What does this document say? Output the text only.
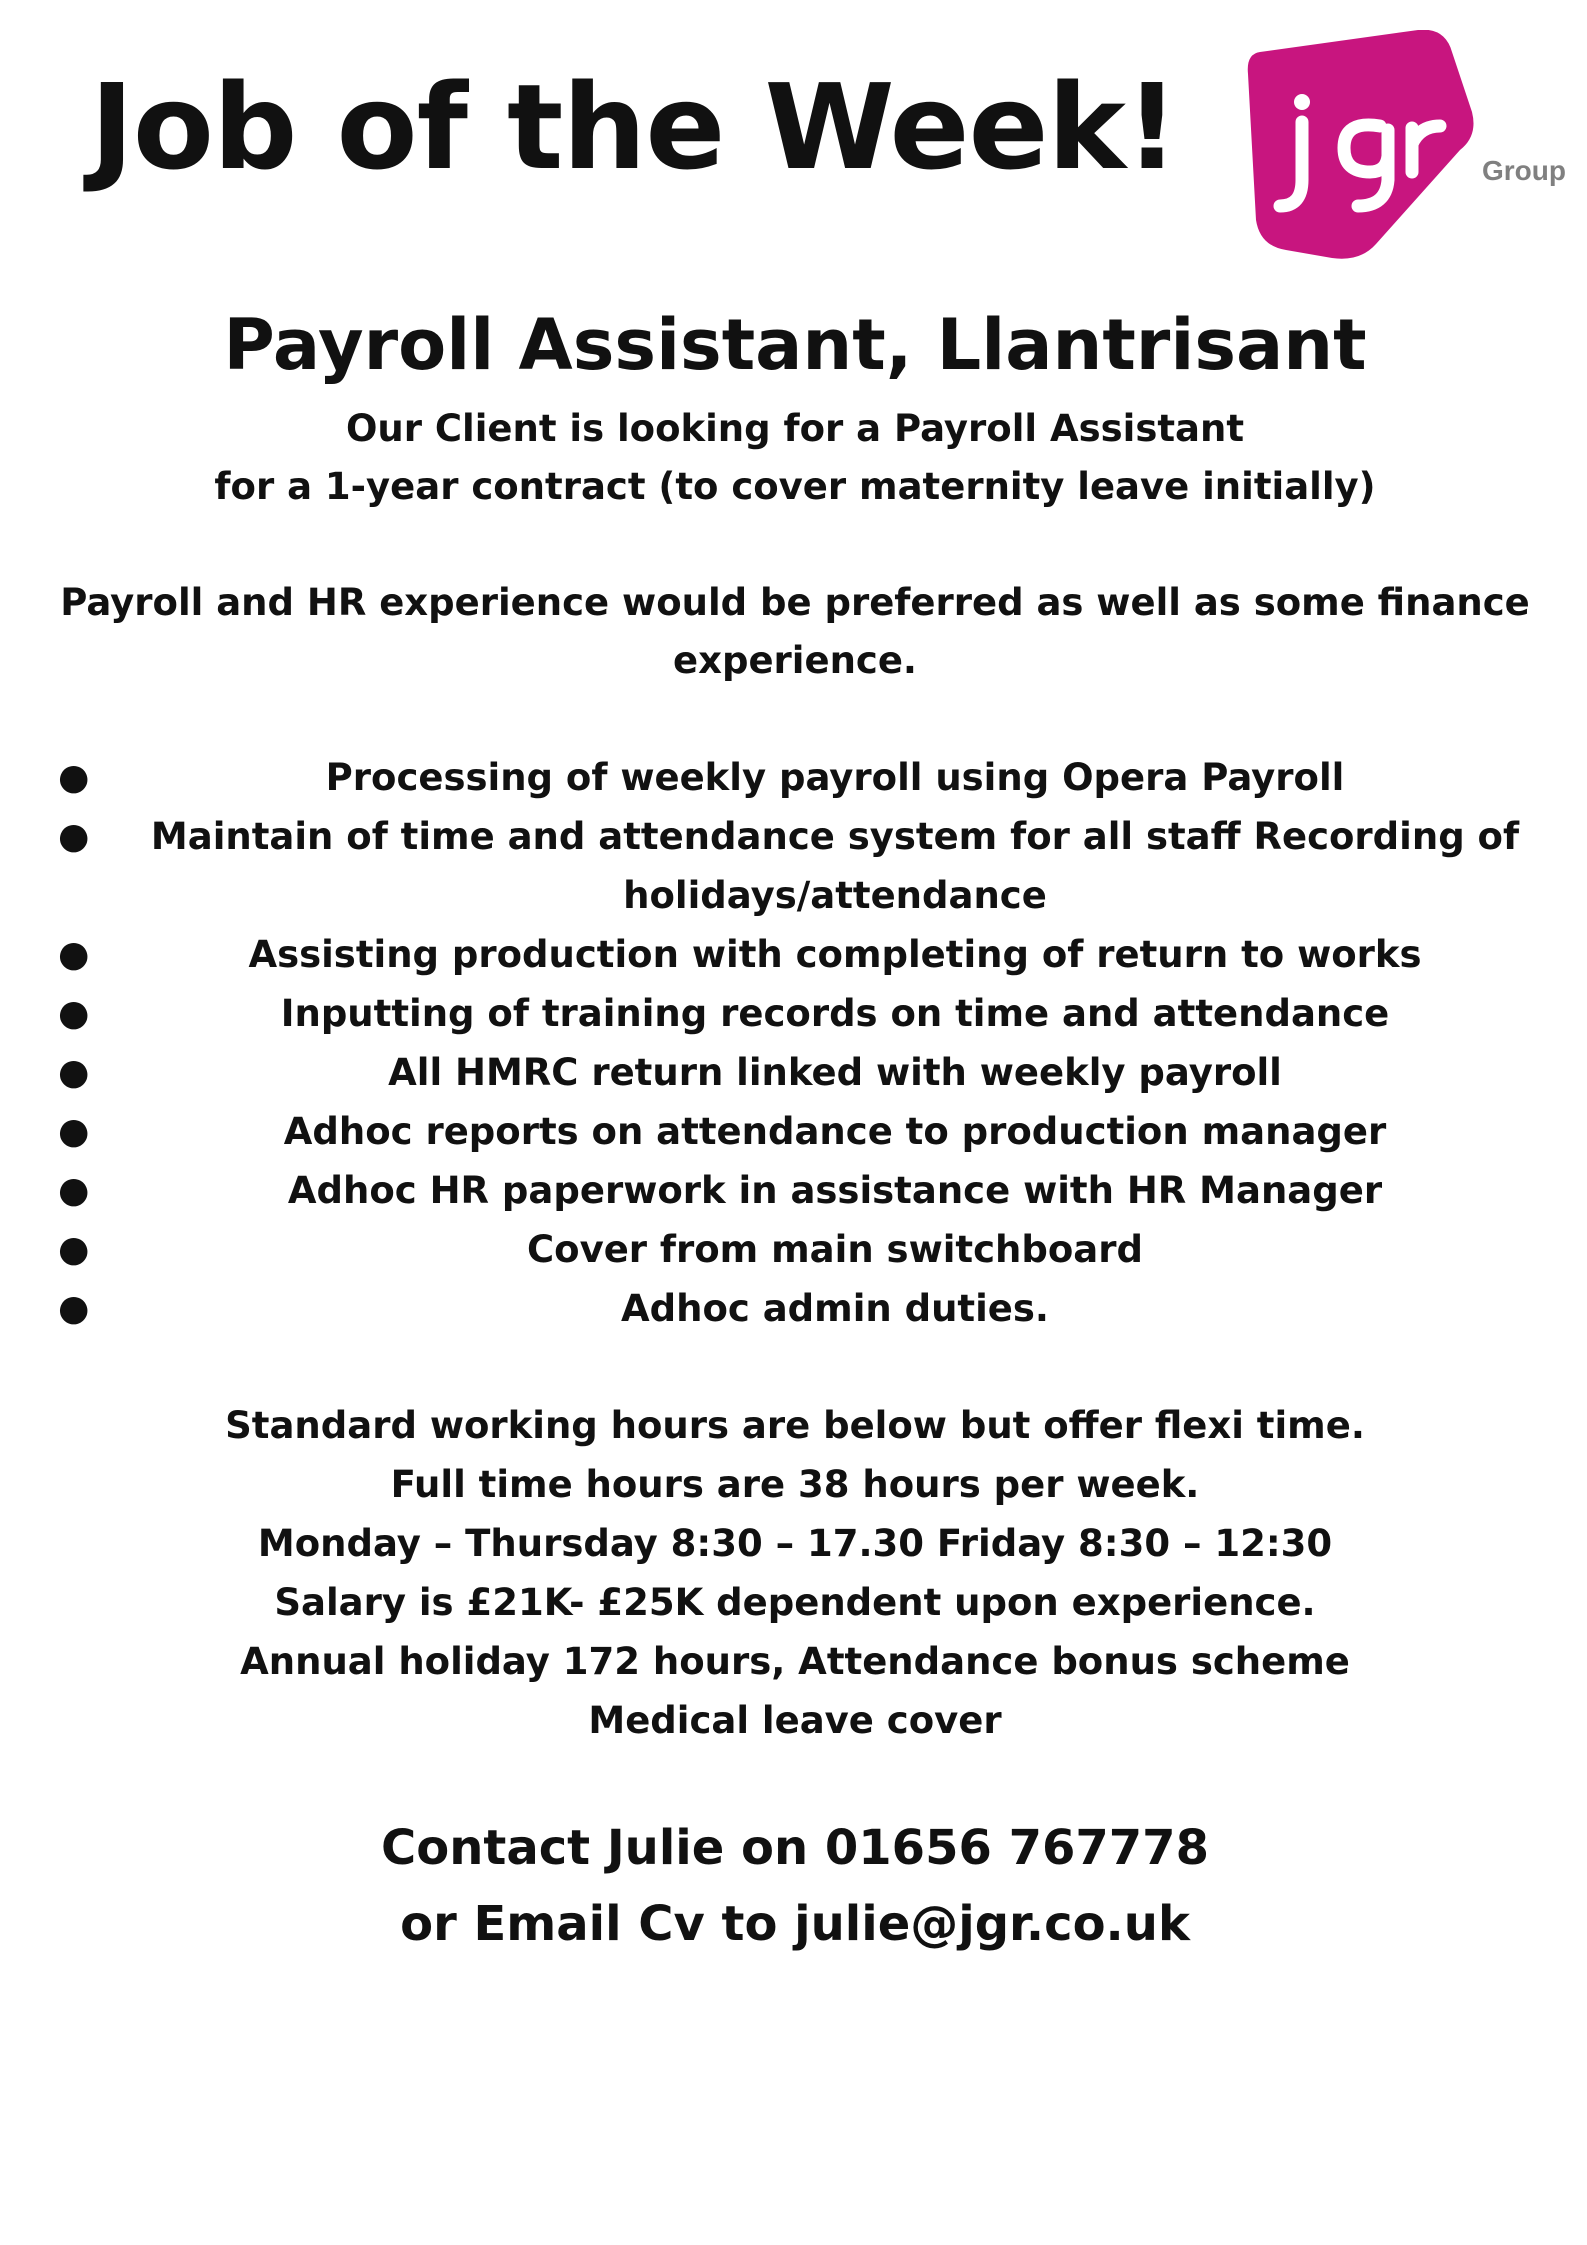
Job of the Week!	Group
Payroll Assistant, Llantrisant

Our Client is looking for a Payroll Assistant

for a 1-year contract (to cover maternity leave initially)

Payroll and HR experience would be preferred as well as some finance experience.

●	Processing of weekly payroll using Opera Payroll
●	Maintain of time and attendance system for all staff Recording of holidays/attendance
●	Assisting production with completing of return to works
●	Inputting of training records on time and attendance
●	All HMRC return linked with weekly payroll
●	Adhoc reports on attendance to production manager
●	Adhoc HR paperwork in assistance with HR Manager
●	Cover from main switchboard
●	Adhoc admin duties.

Standard working hours are below but offer flexi time.

Full time hours are 38 hours per week.

Monday – Thursday 8:30 – 17.30 Friday 8:30 – 12:30

Salary is £21K- £25K dependent upon experience.

Annual holiday 172 hours, Attendance bonus scheme

Medical leave cover

Contact Julie on 01656 767778

or Email Cv to julie@jgr.co.uk
